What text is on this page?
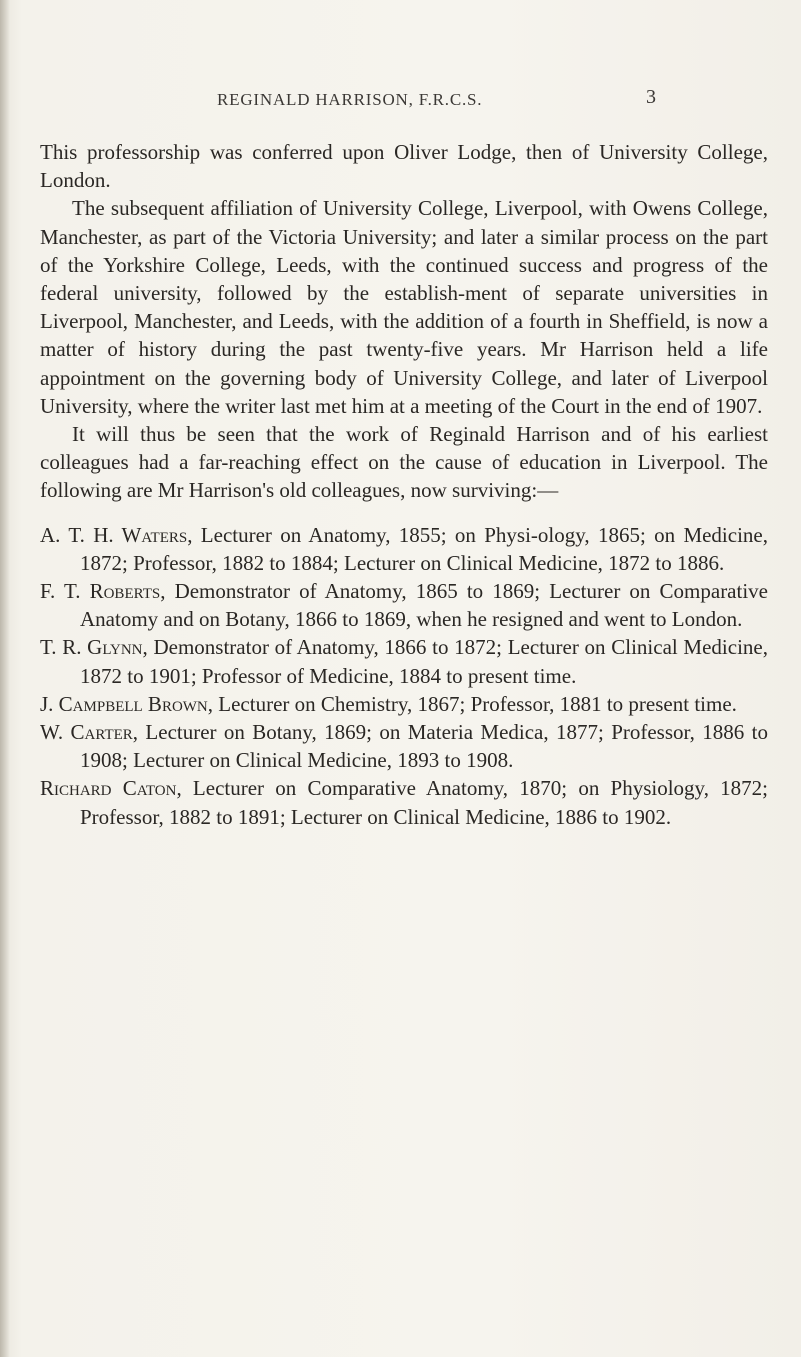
REGINALD HARRISON, F.R.C.S.	3

This professorship was conferred upon Oliver Lodge, then of University College, London.

The subsequent affiliation of University College, Liverpool, with Owens College, Manchester, as part of the Victoria University; and later a similar process on the part of the Yorkshire College, Leeds, with the continued success and progress of the federal university, followed by the establish-ment of separate universities in Liverpool, Manchester, and Leeds, with the addition of a fourth in Sheffield, is now a matter of history during the past twenty-five years. Mr Harrison held a life appointment on the governing body of University College, and later of Liverpool University, where the writer last met him at a meeting of the Court in the end of 1907.

It will thus be seen that the work of Reginald Harrison and of his earliest colleagues had a far-reaching effect on the cause of education in Liverpool. The following are Mr Harrison's old colleagues, now surviving:—

A. T. H. Waters, Lecturer on Anatomy, 1855; on Physi-ology, 1865; on Medicine, 1872; Professor, 1882 to 1884; Lecturer on Clinical Medicine, 1872 to 1886.
F. T. Roberts, Demonstrator of Anatomy, 1865 to 1869; Lecturer on Comparative Anatomy and on Botany, 1866 to 1869, when he resigned and went to London.
T. R. Glynn, Demonstrator of Anatomy, 1866 to 1872; Lecturer on Clinical Medicine, 1872 to 1901; Professor of Medicine, 1884 to present time.
J. Campbell Brown, Lecturer on Chemistry, 1867; Professor, 1881 to present time.
W. Carter, Lecturer on Botany, 1869; on Materia Medica, 1877; Professor, 1886 to 1908; Lecturer on Clinical Medicine, 1893 to 1908.
Richard Caton, Lecturer on Comparative Anatomy, 1870; on Physiology, 1872; Professor, 1882 to 1891; Lecturer on Clinical Medicine, 1886 to 1902.
